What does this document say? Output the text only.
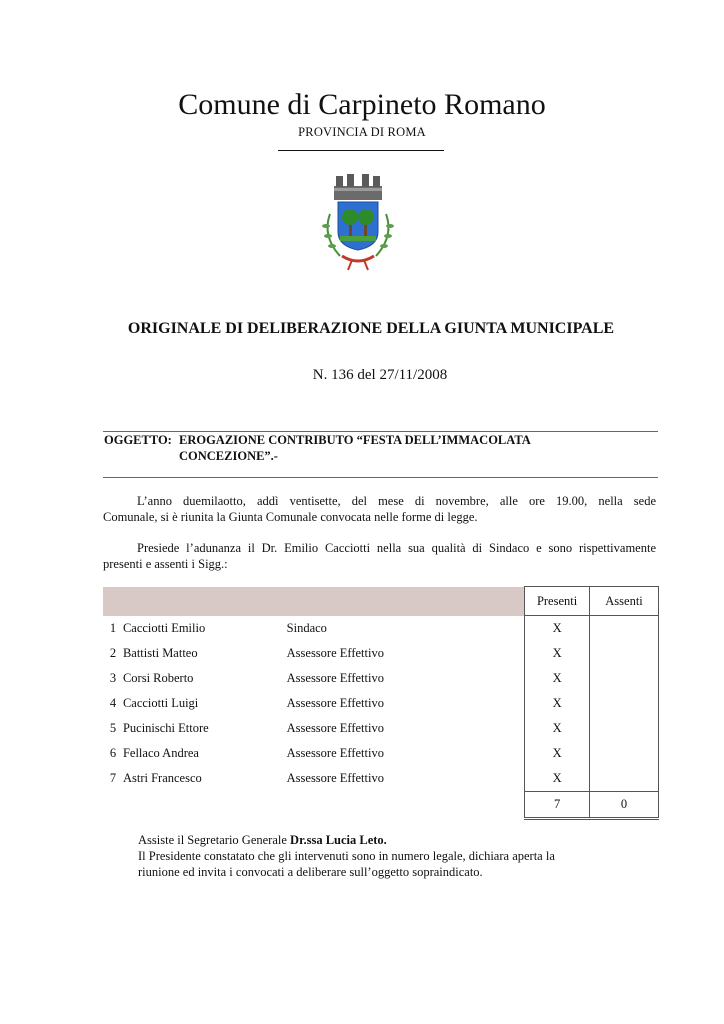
Comune di Carpineto Romano
PROVINCIA DI ROMA
ORIGINALE DI DELIBERAZIONE DELLA GIUNTA MUNICIPALE
N. 136 del 27/11/2008
OGGETTO: EROGAZIONE CONTRIBUTO “FESTA DELL’IMMACOLATA
CONCEZIONE”.-
L’anno duemilaotto, addì ventisette, del mese di novembre, alle ore 19.00, nella sede
Comunale, si è riunita la Giunta Comunale convocata nelle forme di legge.
Presiede l’adunanza il Dr. Emilio Cacciotti nella sua qualità di Sindaco e sono rispettivamente
presenti e assenti i Sigg.:
			Presenti	Assenti
1	Cacciotti Emilio	Sindaco	X	
2	Battisti Matteo	Assessore Effettivo	X	
3	Corsi Roberto	Assessore Effettivo	X	
4	Cacciotti Luigi	Assessore Effettivo	X	
5	Pucinischi Ettore	Assessore Effettivo	X	
6	Fellaco Andrea	Assessore Effettivo	X	
7	Astri Francesco	Assessore Effettivo	X	
			7	0
Assiste il Segretario Generale Dr.ssa Lucia Leto.
Il Presidente constatato che gli intervenuti sono in numero legale, dichiara aperta la
riunione ed invita i convocati a deliberare sull’oggetto sopraindicato.
